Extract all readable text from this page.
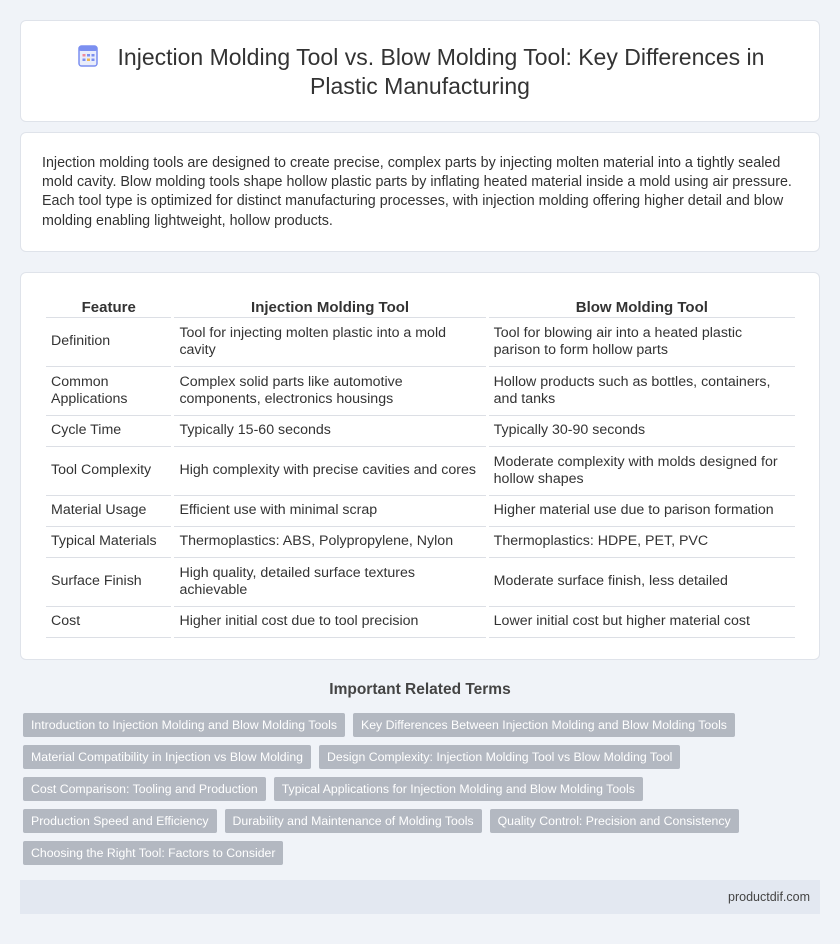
Injection Molding Tool vs. Blow Molding Tool: Key Differences in Plastic Manufacturing

Injection molding tools are designed to create precise, complex parts by injecting molten material into a tightly sealed mold cavity. Blow molding tools shape hollow plastic parts by inflating heated material inside a mold using air pressure. Each tool type is optimized for distinct manufacturing processes, with injection molding offering higher detail and blow molding enabling lightweight, hollow products.

Feature	Injection Molding Tool	Blow Molding Tool
Definition	Tool for injecting molten plastic into a mold cavity	Tool for blowing air into a heated plastic parison to form hollow parts
Common Applications	Complex solid parts like automotive components, electronics housings	Hollow products such as bottles, containers, and tanks
Cycle Time	Typically 15-60 seconds	Typically 30-90 seconds
Tool Complexity	High complexity with precise cavities and cores	Moderate complexity with molds designed for hollow shapes
Material Usage	Efficient use with minimal scrap	Higher material use due to parison formation
Typical Materials	Thermoplastics: ABS, Polypropylene, Nylon	Thermoplastics: HDPE, PET, PVC
Surface Finish	High quality, detailed surface textures achievable	Moderate surface finish, less detailed
Cost	Higher initial cost due to tool precision	Lower initial cost but higher material cost
Important Related Terms
Introduction to Injection Molding and Blow Molding Tools	Key Differences Between Injection Molding and Blow Molding Tools
Material Compatibility in Injection vs Blow Molding	Design Complexity: Injection Molding Tool vs Blow Molding Tool
Cost Comparison: Tooling and Production	Typical Applications for Injection Molding and Blow Molding Tools
Production Speed and Efficiency	Durability and Maintenance of Molding Tools	Quality Control: Precision and Consistency
Choosing the Right Tool: Factors to Consider
productdif.com
